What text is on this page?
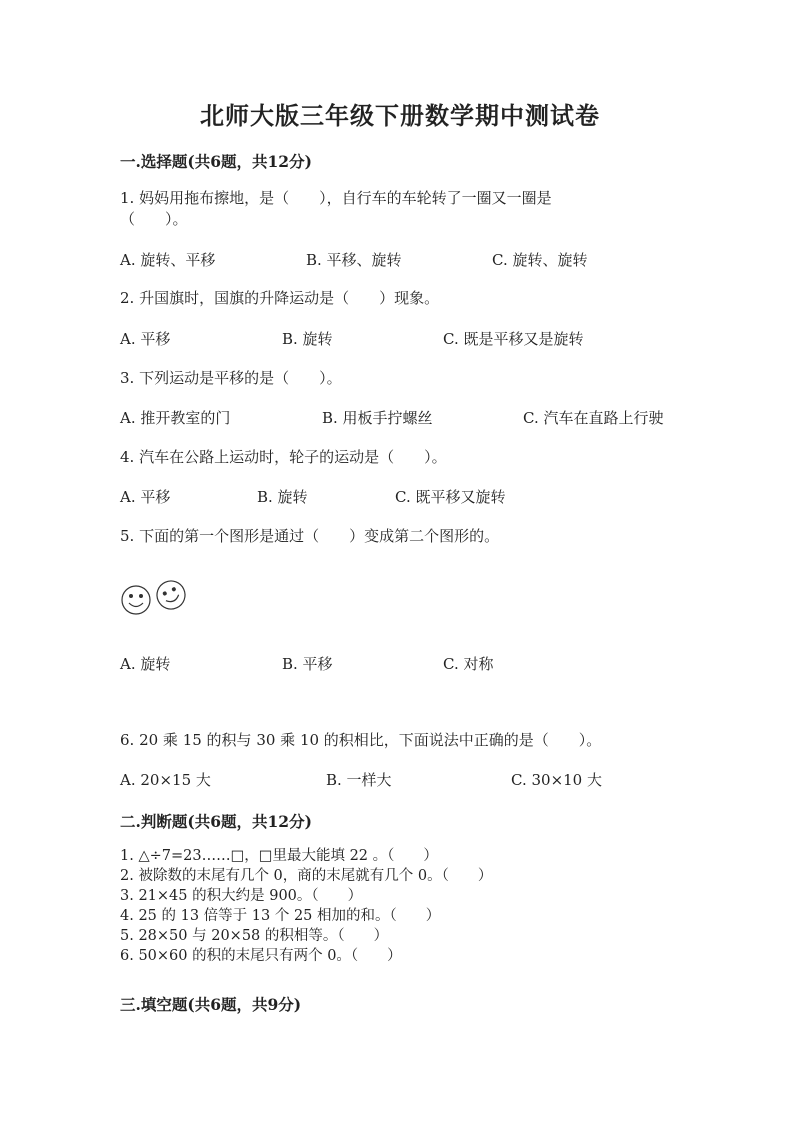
北师大版三年级下册数学期中测试卷
一.选择题(共6题，共12分)
1. 妈妈用拖布擦地，是（　　），自行车的车轮转了一圈又一圈是
（　　）。
A. 旋转、平移	B. 平移、旋转	C. 旋转、旋转
2. 升国旗时，国旗的升降运动是（　　）现象。
A. 平移	B. 旋转	C. 既是平移又是旋转
3. 下列运动是平移的是（　　）。
A. 推开教室的门	B. 用板手拧螺丝	C. 汽车在直路上行驶
4. 汽车在公路上运动时，轮子的运动是（　　）。
A. 平移	B. 旋转	C. 既平移又旋转
5. 下面的第一个图形是通过（　　）变成第二个图形的。
A. 旋转	B. 平移	C. 对称
6. 20 乘 15 的积与 30 乘 10 的积相比，下面说法中正确的是（　　）。
A. 20×15 大	B. 一样大	C. 30×10 大
二.判断题(共6题，共12分)
1. △÷7=23……□，□里最大能填 22 。（　　）
2. 被除数的末尾有几个 0，商的末尾就有几个 0。（　　）
3. 21×45 的积大约是 900。（　　）
4. 25 的 13 倍等于 13 个 25 相加的和。（　　）
5. 28×50 与 20×58 的积相等。（　　）
6. 50×60 的积的末尾只有两个 0。（　　）
三.填空题(共6题，共9分)
